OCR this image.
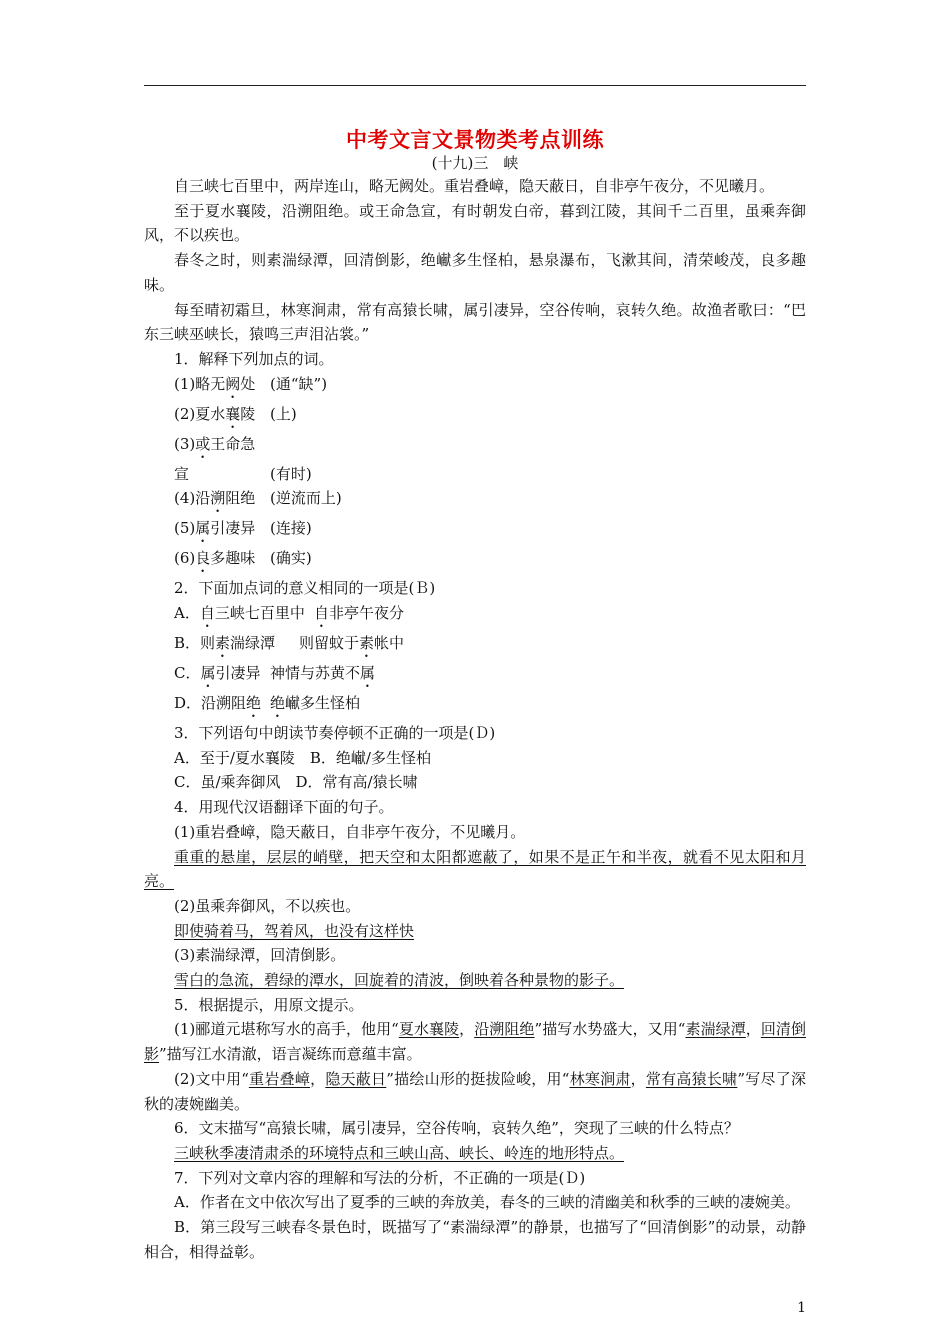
中考文言文景物类考点训练
(十九)三　峡

自三峡七百里中，两岸连山，略无阙处。重岩叠嶂，隐天蔽日，自非亭午夜分，不见曦月。

至于夏水襄陵，沿溯阻绝。或王命急宣，有时朝发白帝，暮到江陵，其间千二百里，虽乘奔御风，不以疾也。

春冬之时，则素湍绿潭，回清倒影，绝𪩘多生怪柏，悬泉瀑布，飞漱其间，清荣峻茂，良多趣味。

每至晴初霜旦，林寒涧肃，常有高猿长啸，属引凄异，空谷传响，哀转久绝。故渔者歌曰：“巴东三峡巫峡长，猿鸣三声泪沾裳。”

1．解释下列加点的词。

(1)略无阙处 (通“缺”)

(2)夏水襄陵 (上)

(3)或王命急宣	(有时)

(4)沿溯阻绝 (逆流而上)

(5)属引凄异 (连接)

(6)良多趣味 (确实)

2．下面加点词的意义相同的一项是(Ｂ)

A．自三峡七百里中 自非亭午夜分

B．则素湍绿潭 则留蚊于素帐中

C．属引凄异 神情与苏黄不属

D．沿溯阻绝 绝𪩘多生怪柏

3．下列语句中朗读节奏停顿不正确的一项是(Ｄ)

A．至于/夏水襄陵　B．绝𪩘/多生怪柏

C．虽/乘奔御风　D．常有高/猿长啸

4．用现代汉语翻译下面的句子。

(1)重岩叠嶂，隐天蔽日，自非亭午夜分，不见曦月。

重重的悬崖，层层的峭壁，把天空和太阳都遮蔽了，如果不是正午和半夜，就看不见太阳和月亮。

(2)虽乘奔御风，不以疾也。

即使骑着马，驾着风，也没有这样快

(3)素湍绿潭，回清倒影。

雪白的急流，碧绿的潭水，回旋着的清波，倒映着各种景物的影子。

5．根据提示，用原文提示。

(1)郦道元堪称写水的高手，他用“夏水襄陵，沿溯阻绝”描写水势盛大，又用“素湍绿潭，回清倒影”描写江水清澈，语言凝练而意蕴丰富。

(2)文中用“重岩叠嶂，隐天蔽日”描绘山形的挺拔险峻，用“林寒涧肃，常有高猿长啸”写尽了深秋的凄婉幽美。

6．文末描写“高猿长啸，属引凄异，空谷传响，哀转久绝”，突现了三峡的什么特点？

三峡秋季凄清肃杀的环境特点和三峡山高、峡长、岭连的地形特点。

7．下列对文章内容的理解和写法的分析，不正确的一项是(Ｄ)

A．作者在文中依次写出了夏季的三峡的奔放美，春冬的三峡的清幽美和秋季的三峡的凄婉美。

B．第三段写三峡春冬景色时，既描写了“素湍绿潭”的静景，也描写了“回清倒影”的动景，动静相合，相得益彰。

1
